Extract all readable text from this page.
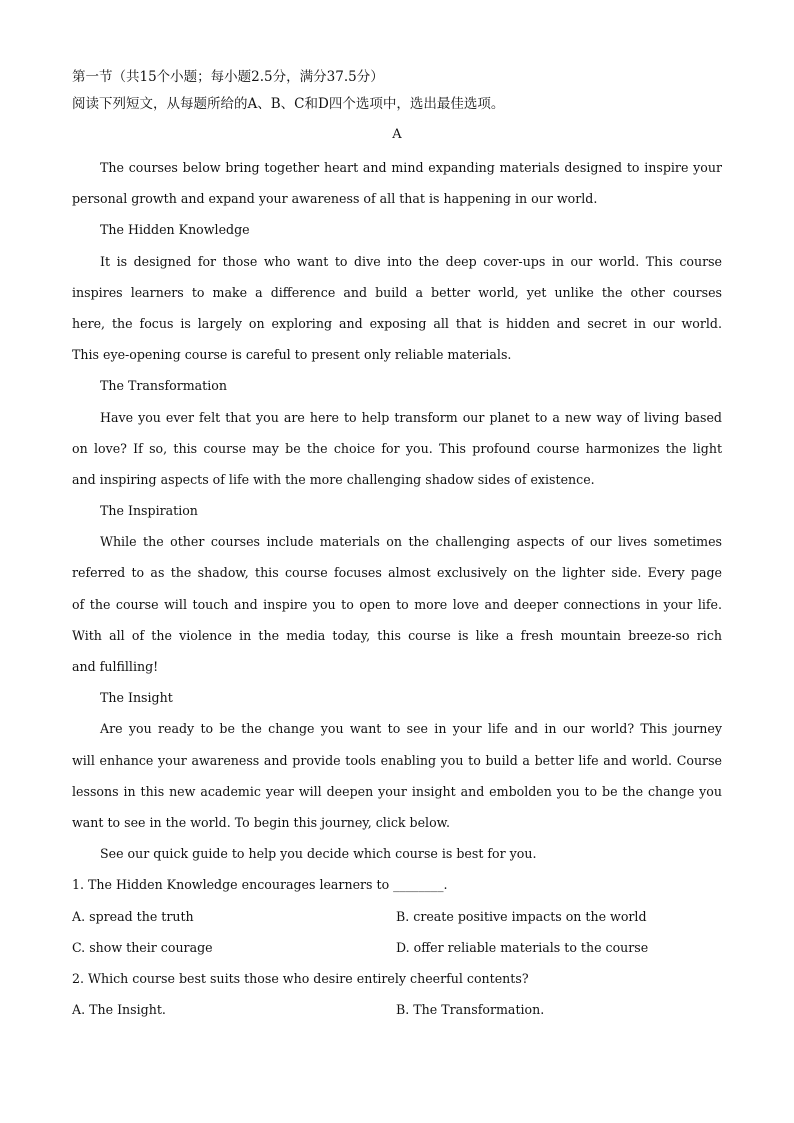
第一节（共15个小题；每小题2.5分，满分37.5分）
阅读下列短文，从每题所给的A、B、C和D四个选项中，选出最佳选项。
A
The courses below bring together heart and mind expanding materials designed to inspire your
personal growth and expand your awareness of all that is happening in our world.
The Hidden Knowledge
It is designed for those who want to dive into the deep cover-ups in our world. This course
inspires learners to make a difference and build a better world, yet unlike the other courses
here, the focus is largely on exploring and exposing all that is hidden and secret in our world.
This eye-opening course is careful to present only reliable materials.
The Transformation
Have you ever felt that you are here to help transform our planet to a new way of living based
on love? If so, this course may be the choice for you. This profound course harmonizes the light
and inspiring aspects of life with the more challenging shadow sides of existence.
The Inspiration
While the other courses include materials on the challenging aspects of our lives sometimes
referred to as the shadow, this course focuses almost exclusively on the lighter side. Every page
of the course will touch and inspire you to open to more love and deeper connections in your life.
With all of the violence in the media today, this course is like a fresh mountain breeze-so rich
and fulfilling!
The Insight
Are you ready to be the change you want to see in your life and in our world? This journey
will enhance your awareness and provide tools enabling you to build a better life and world. Course
lessons in this new academic year will deepen your insight and embolden you to be the change you
want to see in the world. To begin this journey, click below.
See our quick guide to help you decide which course is best for you.
1. The Hidden Knowledge encourages learners to ________.
A. spread the truth	B. create positive impacts on the world
C. show their courage	D. offer reliable materials to the course
2. Which course best suits those who desire entirely cheerful contents?
A. The Insight.	B. The Transformation.
